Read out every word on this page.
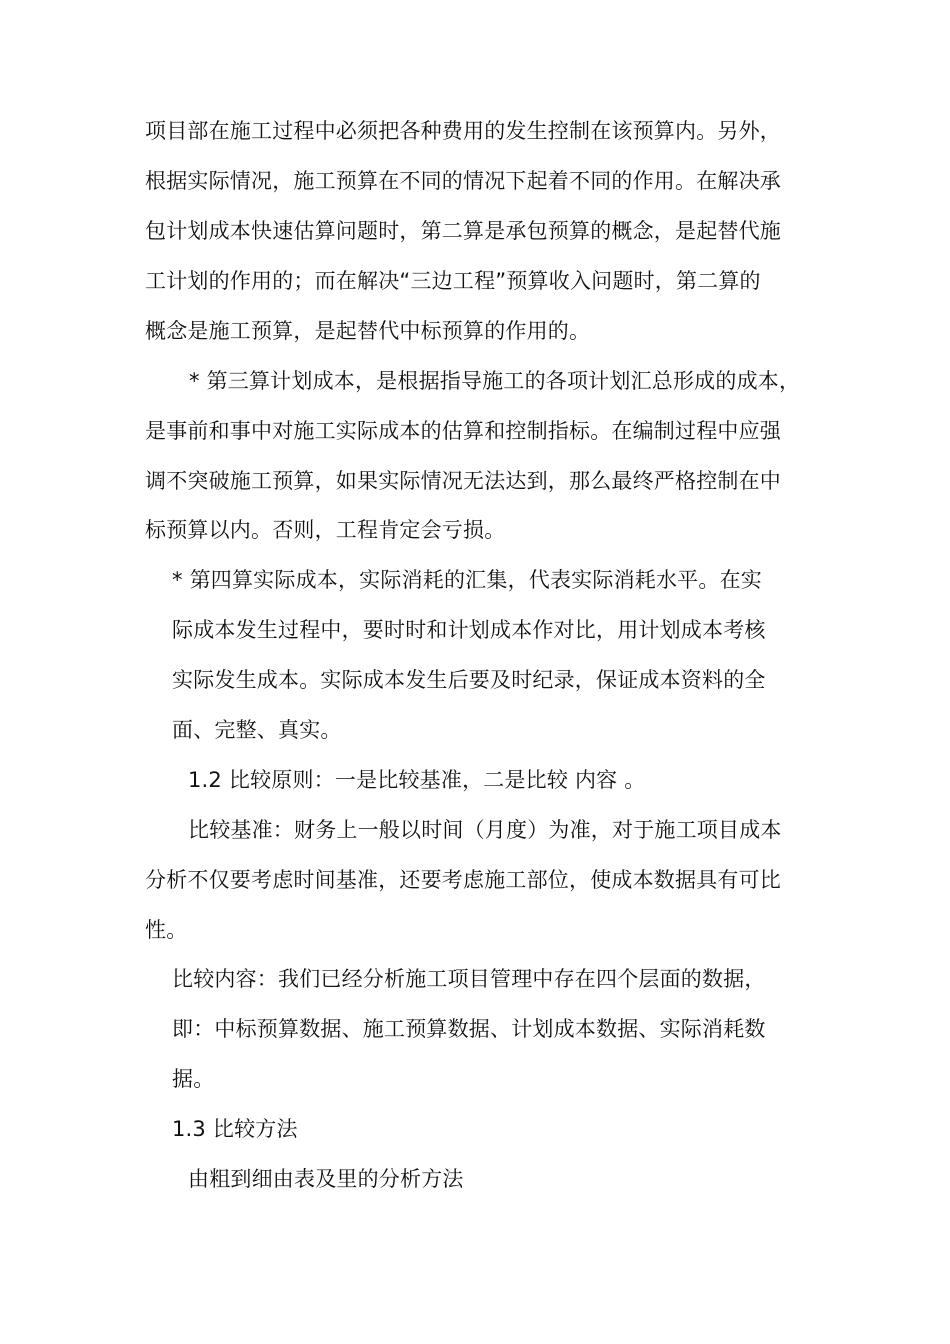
项目部在施工过程中必须把各种费用的发生控制在该预算内。另外，
根据实际情况，施工预算在不同的情况下起着不同的作用。在解决承
包计划成本快速估算问题时，第二算是承包预算的概念，是起替代施
工计划的作用的；而在解决“三边工程”预算收入问题时，第二算的
概念是施工预算，是起替代中标预算的作用的。
* 第三算计划成本，是根据指导施工的各项计划汇总形成的成本，
是事前和事中对施工实际成本的估算和控制指标。在编制过程中应强
调不突破施工预算，如果实际情况无法达到，那么最终严格控制在中
标预算以内。否则，工程肯定会亏损。
* 第四算实际成本，实际消耗的汇集，代表实际消耗水平。在实
际成本发生过程中，要时时和计划成本作对比，用计划成本考核
实际发生成本。实际成本发生后要及时纪录，保证成本资料的全
面、完整、真实。
1.2 比较原则：一是比较基准，二是比较 内容 。
比较基准：财务上一般以时间（月度）为准，对于施工项目成本
分析不仅要考虑时间基准，还要考虑施工部位，使成本数据具有可比
性。
比较内容：我们已经分析施工项目管理中存在四个层面的数据，
即：中标预算数据、施工预算数据、计划成本数据、实际消耗数
据。
1.3 比较方法
由粗到细由表及里的分析方法
